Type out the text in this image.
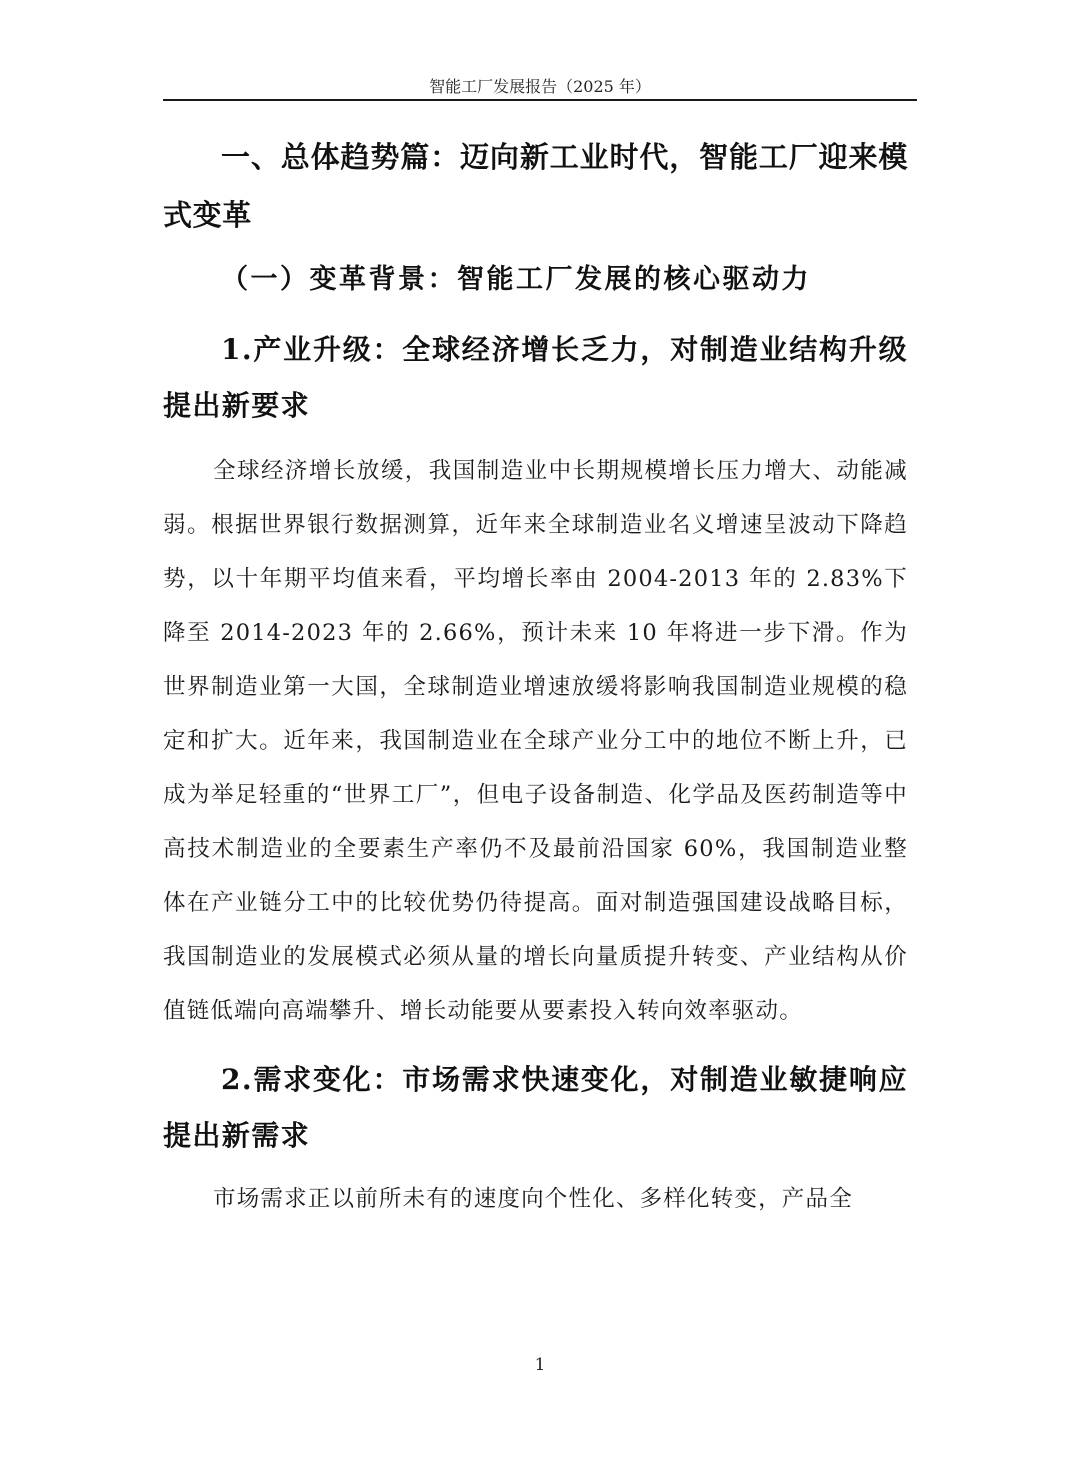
智能工厂发展报告（2025 年）
一、总体趋势篇：迈向新工业时代，智能工厂迎来模式变革
（一）变革背景：智能工厂发展的核心驱动力
1.产业升级：全球经济增长乏力，对制造业结构升级提出新要求

全球经济增长放缓，我国制造业中长期规模增长压力增大、动能减弱。根据世界银行数据测算，近年来全球制造业名义增速呈波动下降趋势，以十年期平均值来看，平均增长率由 2004-2013 年的 2.83%下降至 2014-2023 年的 2.66%，预计未来 10 年将进一步下滑。作为世界制造业第一大国，全球制造业增速放缓将影响我国制造业规模的稳定和扩大。近年来，我国制造业在全球产业分工中的地位不断上升，已成为举足轻重的“世界工厂”，但电子设备制造、化学品及医药制造等中高技术制造业的全要素生产率仍不及最前沿国家 60%，我国制造业整体在产业链分工中的比较优势仍待提高。面对制造强国建设战略目标，我国制造业的发展模式必须从量的增长向量质提升转变、产业结构从价值链低端向高端攀升、增长动能要从要素投入转向效率驱动。

2.需求变化：市场需求快速变化，对制造业敏捷响应提出新需求

市场需求正以前所未有的速度向个性化、多样化转变，产品全

1
